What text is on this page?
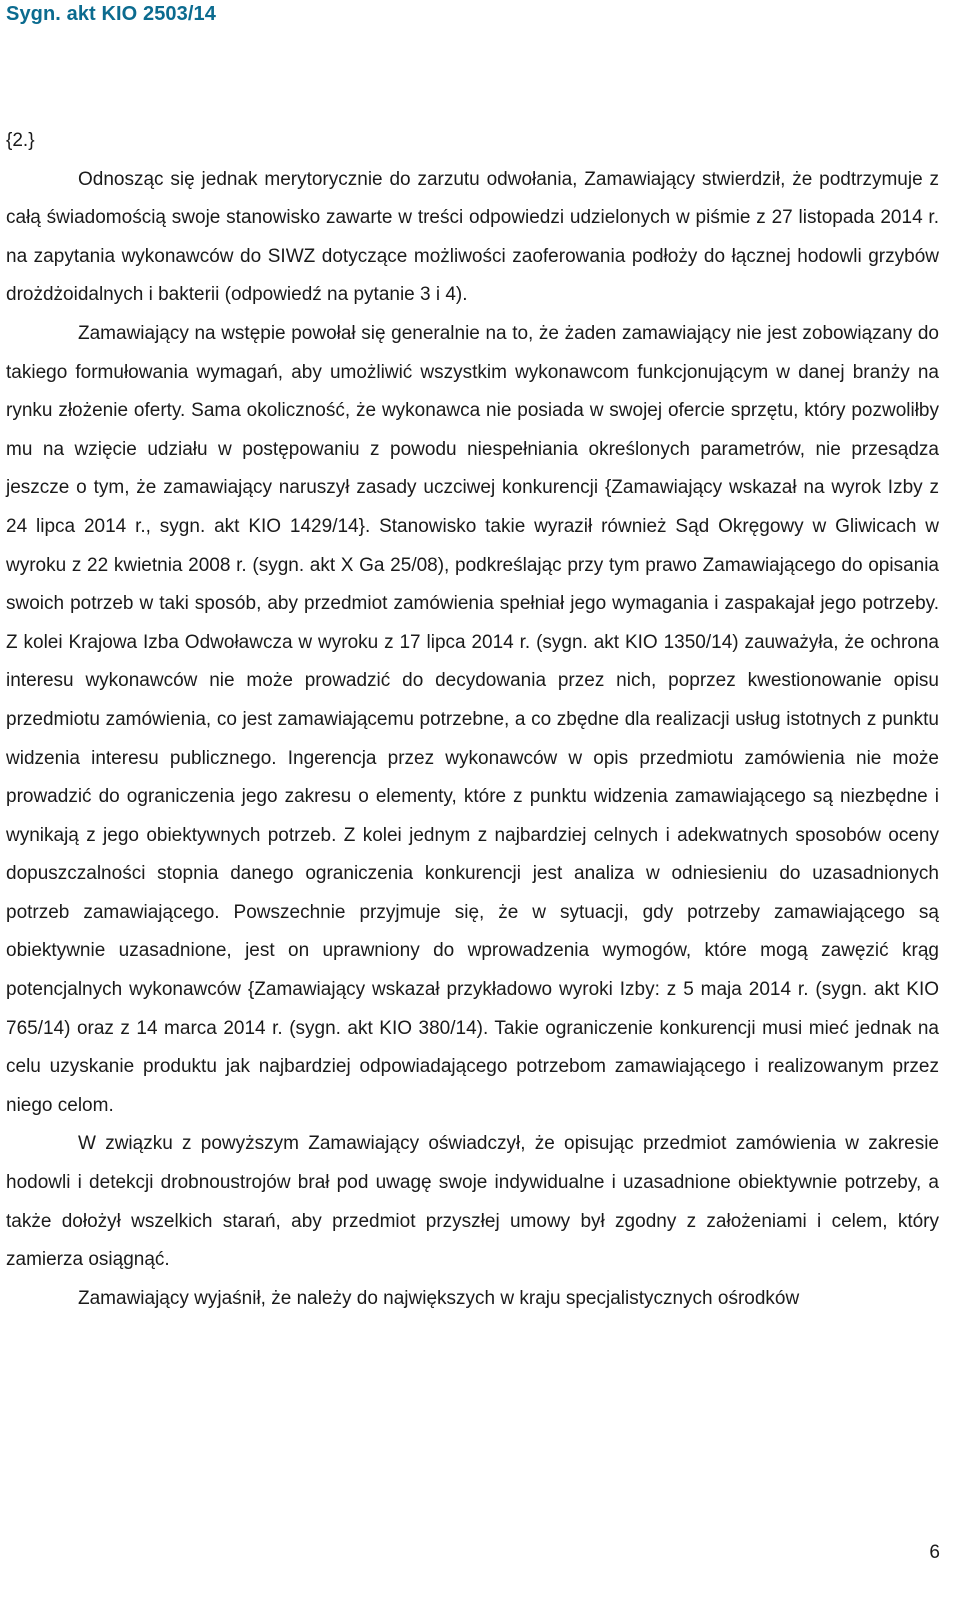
Sygn. akt KIO 2503/14

{2.}

Odnosząc się jednak merytorycznie do zarzutu odwołania, Zamawiający stwierdził, że podtrzymuje z całą świadomością swoje stanowisko zawarte w treści odpowiedzi udzielonych w piśmie z 27 listopada 2014 r. na zapytania wykonawców do SIWZ dotyczące możliwości zaoferowania podłoży do łącznej hodowli grzybów drożdżoidalnych i bakterii (odpowiedź na pytanie 3 i 4).

Zamawiający na wstępie powołał się generalnie na to, że żaden zamawiający nie jest zobowiązany do takiego formułowania wymagań, aby umożliwić wszystkim wykonawcom funkcjonującym w danej branży na rynku złożenie oferty. Sama okoliczność, że wykonawca nie posiada w swojej ofercie sprzętu, który pozwoliłby mu na wzięcie udziału w postępowaniu z powodu niespełniania określonych parametrów, nie przesądza jeszcze o tym, że zamawiający naruszył zasady uczciwej konkurencji {Zamawiający wskazał na wyrok Izby z 24 lipca 2014 r., sygn. akt KIO 1429/14}. Stanowisko takie wyraził również Sąd Okręgowy w Gliwicach w wyroku z 22 kwietnia 2008 r. (sygn. akt X Ga 25/08), podkreślając przy tym prawo Zamawiającego do opisania swoich potrzeb w taki sposób, aby przedmiot zamówienia spełniał jego wymagania i zaspakajał jego potrzeby. Z kolei Krajowa Izba Odwoławcza w wyroku z 17 lipca 2014 r. (sygn. akt KIO 1350/14) zauważyła, że ochrona interesu wykonawców nie może prowadzić do decydowania przez nich, poprzez kwestionowanie opisu przedmiotu zamówienia, co jest zamawiającemu potrzebne, a co zbędne dla realizacji usług istotnych z punktu widzenia interesu publicznego. Ingerencja przez wykonawców w opis przedmiotu zamówienia nie może prowadzić do ograniczenia jego zakresu o elementy, które z punktu widzenia zamawiającego są niezbędne i wynikają z jego obiektywnych potrzeb. Z kolei jednym z najbardziej celnych i adekwatnych sposobów oceny dopuszczalności stopnia danego ograniczenia konkurencji jest analiza w odniesieniu do uzasadnionych potrzeb zamawiającego. Powszechnie przyjmuje się, że w sytuacji, gdy potrzeby zamawiającego są obiektywnie uzasadnione, jest on uprawniony do wprowadzenia wymogów, które mogą zawęzić krąg potencjalnych wykonawców {Zamawiający wskazał przykładowo wyroki Izby: z 5 maja 2014 r. (sygn. akt KIO 765/14) oraz z 14 marca 2014 r. (sygn. akt KIO 380/14). Takie ograniczenie konkurencji musi mieć jednak na celu uzyskanie produktu jak najbardziej odpowiadającego potrzebom zamawiającego i realizowanym przez niego celom.

W związku z powyższym Zamawiający oświadczył, że opisując przedmiot zamówienia w zakresie hodowli i detekcji drobnoustrojów brał pod uwagę swoje indywidualne i uzasadnione obiektywnie potrzeby, a także dołożył wszelkich starań, aby przedmiot przyszłej umowy był zgodny z założeniami i celem, który zamierza osiągnąć.

Zamawiający wyjaśnił, że należy do największych w kraju specjalistycznych ośrodków

6
